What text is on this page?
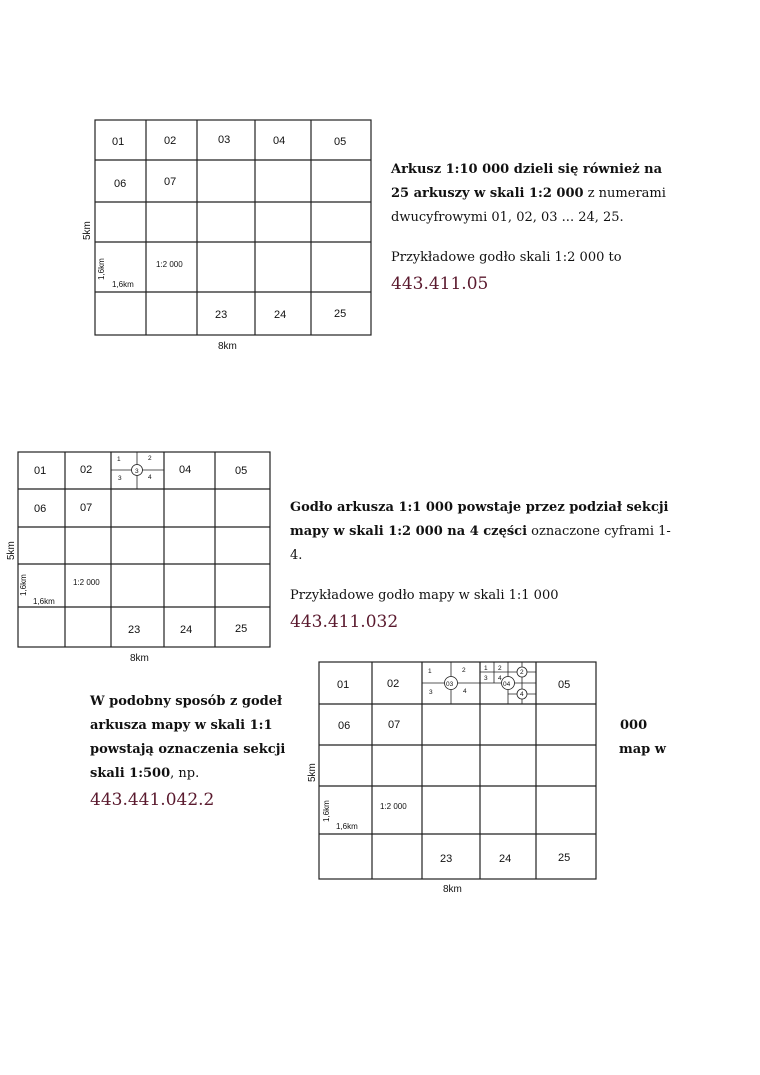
01	02	03	04	05
06	07
1:2 000
1,6km
1,6km
23	24	25
8km
5km
Arkusz 1:10 000 dzieli się również na 25 arkuszy w skali 1:2 000 z numerami dwucyfrowymi 01, 02, 03 ... 24, 25.
Przykładowe godło skali 1:2 000 to
443.411.05
1	2
3	4
3
01	02	04	05
06	07
1:2 000
1,6km
1,6km
23	24	25
8km
5km
Godło arkusza 1:1 000 powstaje przez podział sekcji mapy w skali 1:2 000 na 4 części oznaczone cyframi 1-4.
Przykładowe godło mapy w skali 1:1 000
443.411.032
1	2
3	4
03
1 2
3 4
04
2
4
01	02	05
06	07
1:2 000
1,6km
1,6km
23	24	25
8km
5km
W podobny sposób z godeł
arkusza mapy w skali 1:1
powstają oznaczenia sekcji
skali 1:500, np.
443.441.042.2
000
map w
